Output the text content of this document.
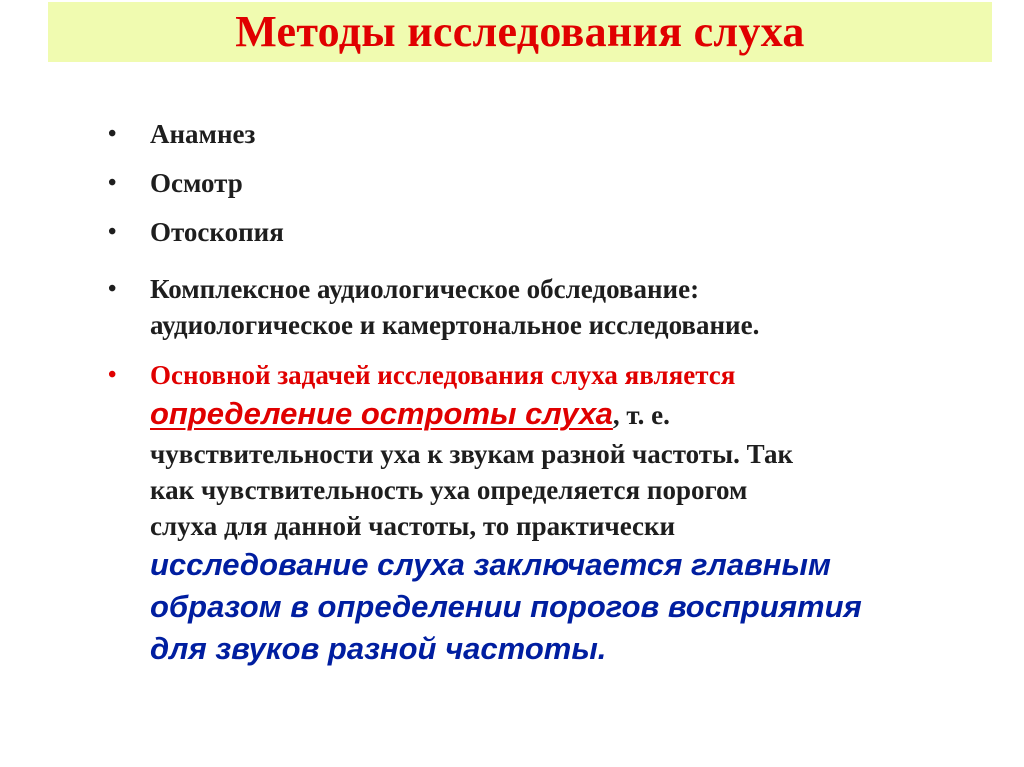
Методы исследования слуха
•	Анамнез
•	Осмотр
•	Отоскопия
•	Комплексное аудиологическое обследование:
аудиологическое и камертональное исследование.
•	Основной задачей исследования слуха является
определение остроты слуха, т. е.
чувствительности уха к звукам разной частоты. Так
как чувствительность уха определяется порогом
слуха для данной частоты, то практически
исследование слуха заключается главным
образом в определении порогов восприятия
для звуков разной частоты.
